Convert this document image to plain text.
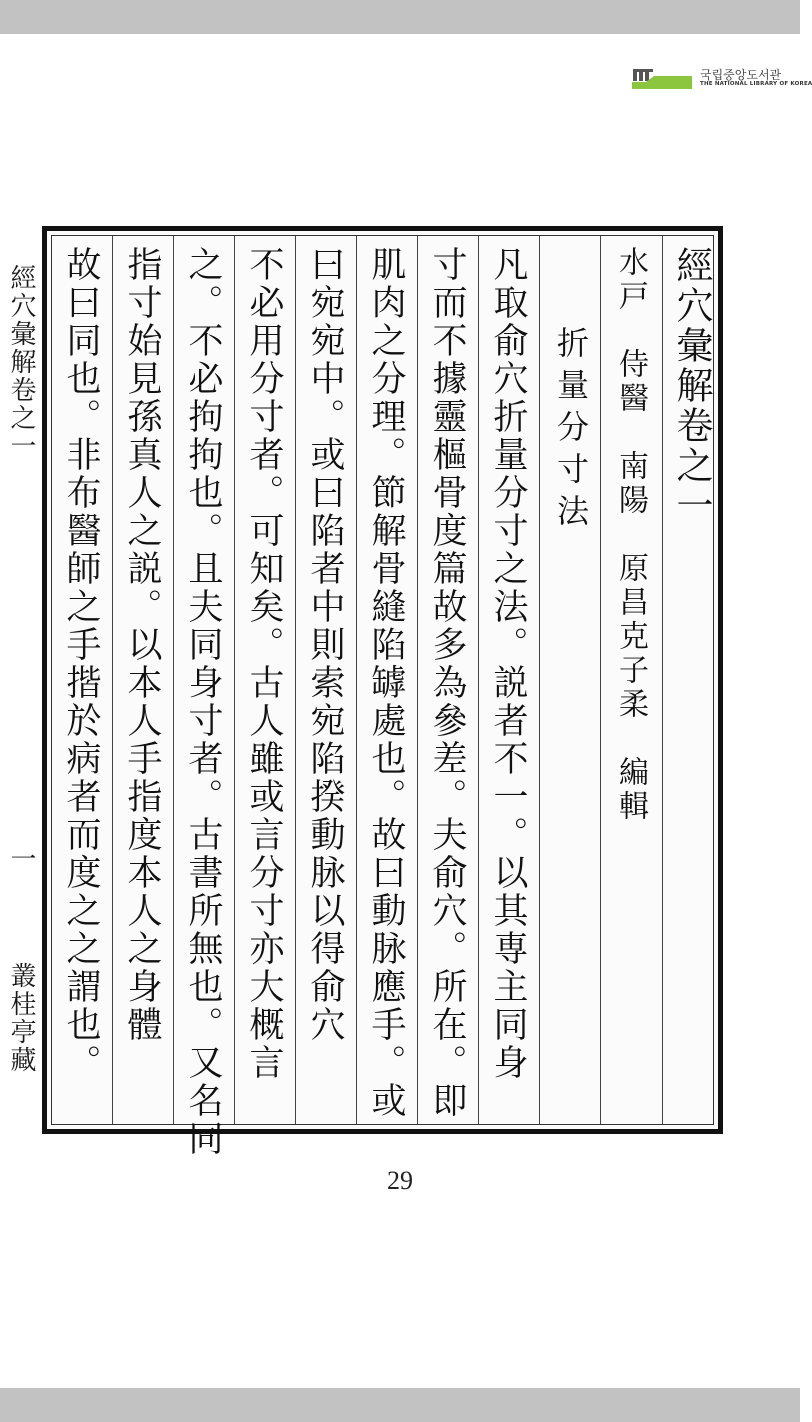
국립중앙도서관
THE NATIONAL LIBRARY OF KOREA
經穴彙解卷之一
一
叢桂亭藏
經穴彙解卷之一
水戸　侍醫　南陽　原昌克子柔　編輯
折量分寸法
凡取俞穴折量分寸之法。説者不一。以其専主同身
寸而不據靈樞骨度篇故多為參差。夫俞穴。所在。即
肌肉之分理。節解骨縫陷罅處也。故曰動脉應手。或
曰宛宛中。或曰陷者中則索宛陷揆動脉以得俞穴
不必用分寸者。可知矣。古人雖或言分寸亦大概言
之。不必拘拘也。且夫同身寸者。古書所無也。又名同
指寸始見孫真人之説。以本人手指度本人之身體
故曰同也。非布醫師之手揩於病者而度之之謂也。
29
